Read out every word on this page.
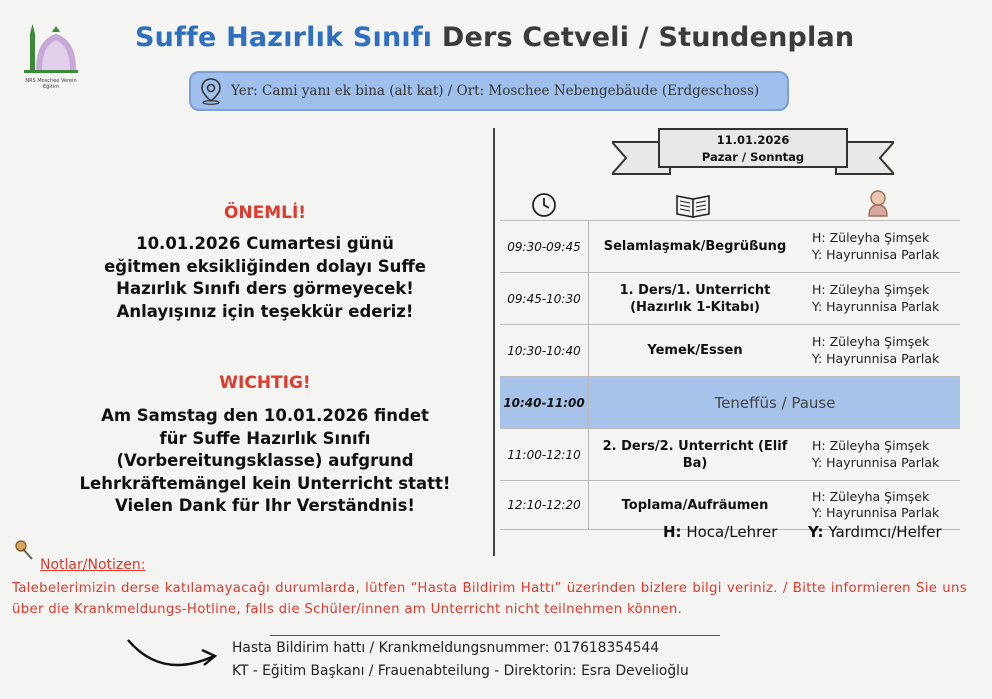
NRS Moschee Verein Eğitim
Suffe Hazırlık Sınıfı Ders Cetveli / Stundenplan
Yer: Cami yanı ek bina (alt kat) / Ort: Moschee Nebengebäude (Erdgeschoss)
ÖNEMLİ!
10.01.2026 Cumartesi günü
eğitmen eksikliğinden dolayı Suffe
Hazırlık Sınıfı ders görmeyecek!
Anlayışınız için teşekkür ederiz!
WICHTIG!
Am Samstag den 10.01.2026 findet
für Suffe Hazırlık Sınıfı
(Vorbereitungsklasse) aufgrund
Lehrkräftemängel kein Unterricht statt!
Vielen Dank für Ihr Verständnis!
11.01.2026
Pazar / Sonntag
09:30-09:45	Selamlaşmak/Begrüßung
H: Züleyha Şimşek
Y: Hayrunnisa Parlak
09:45-10:30
1. Ders/1. Unterricht (Hazırlık 1-Kitabı)
H: Züleyha Şimşek
Y: Hayrunnisa Parlak
10:30-10:40	Yemek/Essen
H: Züleyha Şimşek
Y: Hayrunnisa Parlak
10:40-11:00	Teneffüs / Pause
11:00-12:10
2. Ders/2. Unterricht (Elif Ba)
H: Züleyha Şimşek
Y: Hayrunnisa Parlak
12:10-12:20	Toplama/Aufräumen
H: Züleyha Şimşek
Y: Hayrunnisa Parlak
H: Hoca/Lehrer Y: Yardımcı/Helfer
Notlar/Notizen:
Talebelerimizin derse katılamayacağı durumlarda, lütfen “Hasta Bildirim Hattı” üzerinden bizlere bilgi veriniz. / Bitte informieren Sie uns über die Krankmeldungs-Hotline, falls die Schüler/innen am Unterricht nicht teilnehmen können.
Hasta Bildirim hattı / Krankmeldungsnummer: 017618354544
KT - Eğitim Başkanı / Frauenabteilung - Direktorin: Esra Develioğlu
